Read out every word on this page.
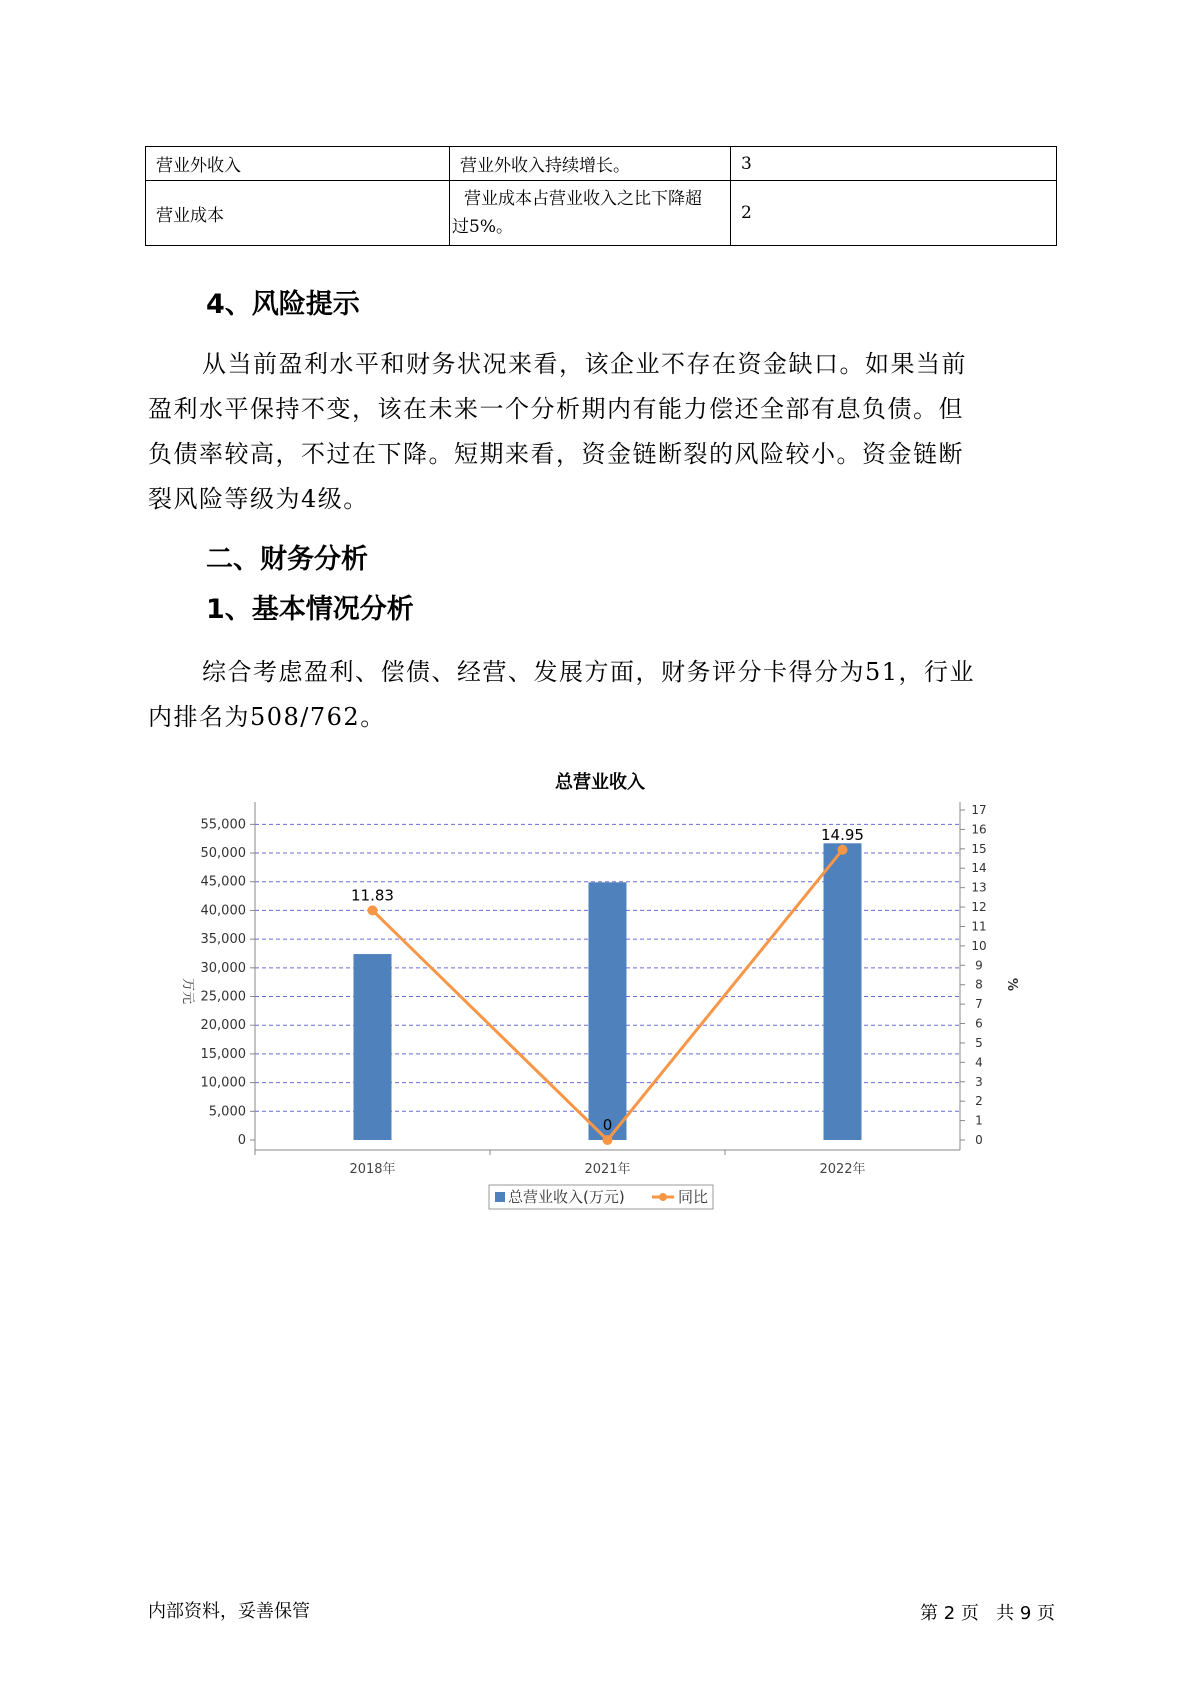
营业外收入	营业外收入持续增长。	3
营业成本	营业成本占营业收入之比下降超
过5%。	2
4、风险提示
从当前盈利水平和财务状况来看，该企业不存在资金缺口。如果当前
盈利水平保持不变，该在未来一个分析期内有能力偿还全部有息负债。但
负债率较高，不过在下降。短期来看，资金链断裂的风险较小。资金链断
裂风险等级为4级。
二、财务分析
1、基本情况分析
综合考虑盈利、偿债、经营、发展方面，财务评分卡得分为51，行业
内排名为508/762。
总营业收入
11.83
0
14.95
0
5,000
10,000
15,000
20,000
25,000
30,000
35,000
40,000
45,000
50,000
55,000
0
1
2
3
4
5
6
7
8
9
10
11
12
13
14
15
16
17
2018年	2021年	2022年
万元	%
总营业收入(万元)	同比
内部资料，妥善保管	第 2 页   共 9 页
